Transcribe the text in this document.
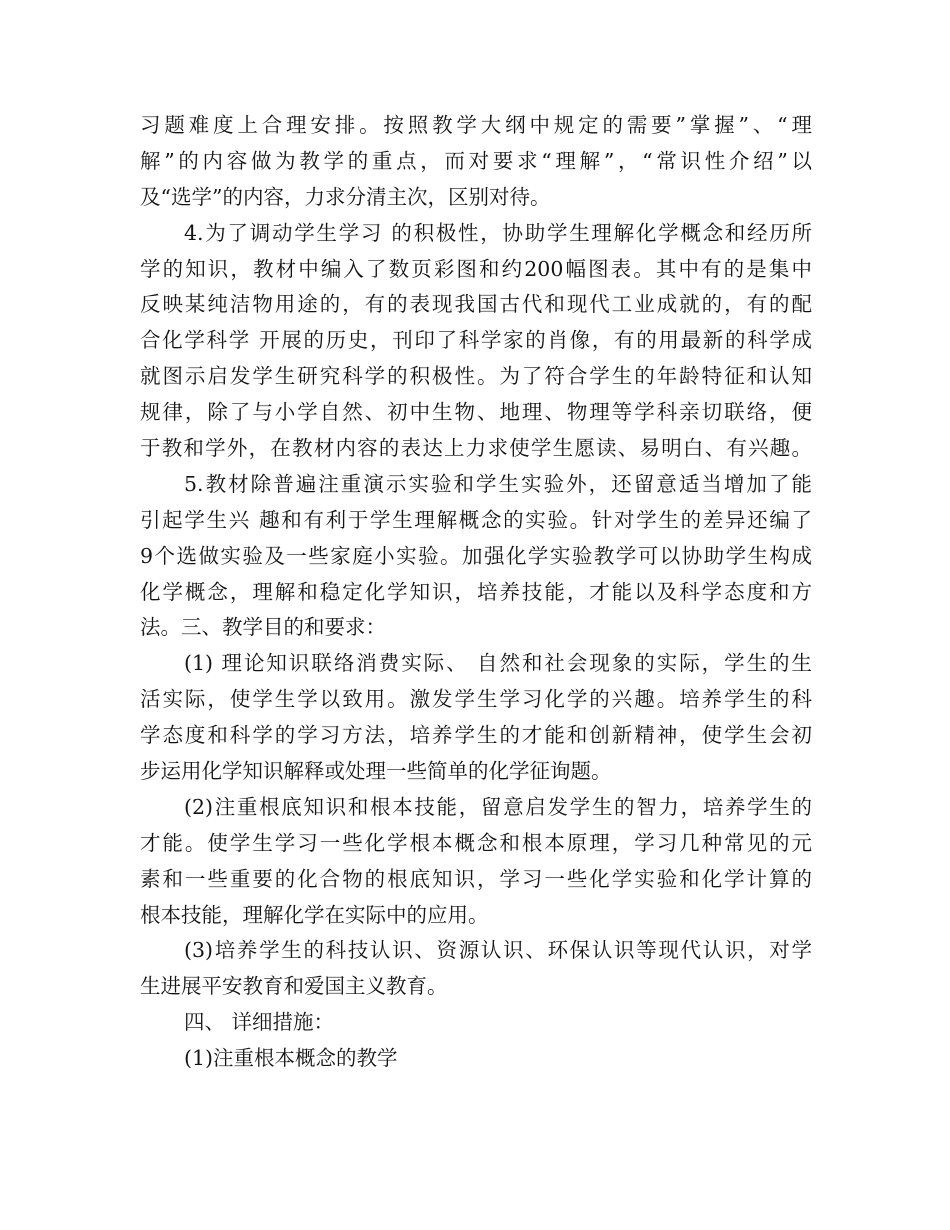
习题难度上合理安排。按照教学大纲中规定的需要”掌握”、“理
解”的内容做为教学的重点，而对要求“理解”，“常识性介绍”以
及“选学”的内容，力求分清主次，区别对待。
4.为了调动学生学习 的积极性，协助学生理解化学概念和经历所
学的知识，教材中编入了数页彩图和约200幅图表。其中有的是集中
反映某纯洁物用途的，有的表现我国古代和现代工业成就的，有的配
合化学科学 开展的历史，刊印了科学家的肖像，有的用最新的科学成
就图示启发学生研究科学的积极性。为了符合学生的年龄特征和认知
规律，除了与小学自然、初中生物、地理、物理等学科亲切联络，便
于教和学外，在教材内容的表达上力求使学生愿读、易明白、有兴趣。
5.教材除普遍注重演示实验和学生实验外，还留意适当增加了能
引起学生兴 趣和有利于学生理解概念的实验。针对学生的差异还编了
9个选做实验及一些家庭小实验。加强化学实验教学可以协助学生构成
化学概念，理解和稳定化学知识，培养技能，才能以及科学态度和方
法。三、教学目的和要求：
(1) 理论知识联络消费实际、 自然和社会现象的实际，学生的生
活实际，使学生学以致用。激发学生学习化学的兴趣。培养学生的科
学态度和科学的学习方法，培养学生的才能和创新精神，使学生会初
步运用化学知识解释或处理一些简单的化学征询题。
(2)注重根底知识和根本技能，留意启发学生的智力，培养学生的
才能。使学生学习一些化学根本概念和根本原理，学习几种常见的元
素和一些重要的化合物的根底知识，学习一些化学实验和化学计算的
根本技能，理解化学在实际中的应用。
(3)培养学生的科技认识、资源认识、环保认识等现代认识，对学
生进展平安教育和爱国主义教育。
四、 详细措施：
(1)注重根本概念的教学
